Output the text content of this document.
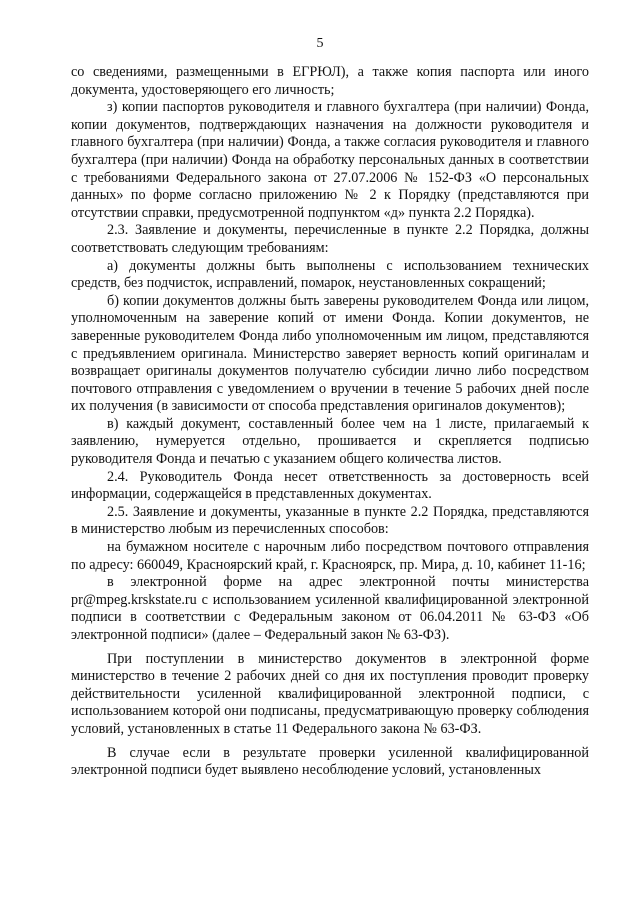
5

со сведениями, размещенными в ЕГРЮЛ), а также копия паспорта или иного документа, удостоверяющего его личность;

з) копии паспортов руководителя и главного бухгалтера (при наличии) Фонда, копии документов, подтверждающих назначения на должности руководителя и главного бухгалтера (при наличии) Фонда, а также согласия руководителя и главного бухгалтера (при наличии) Фонда на обработку персональных данных в соответствии с требованиями Федерального закона от 27.07.2006 № 152-ФЗ «О персональных данных» по форме согласно приложению № 2 к Порядку (представляются при отсутствии справки, предусмотренной подпунктом «д» пункта 2.2 Порядка).

2.3. Заявление и документы, перечисленные в пункте 2.2 Порядка, должны соответствовать следующим требованиям:

а) документы должны быть выполнены с использованием технических средств, без подчисток, исправлений, помарок, неустановленных сокращений;

б) копии документов должны быть заверены руководителем Фонда или лицом, уполномоченным на заверение копий от имени Фонда. Копии документов, не заверенные руководителем Фонда либо уполномоченным им лицом, представляются с предъявлением оригинала. Министерство заверяет верность копий оригиналам и возвращает оригиналы документов получателю субсидии лично либо посредством почтового отправления с уведомлением о вручении в течение 5 рабочих дней после их получения (в зависимости от способа представления оригиналов документов);

в) каждый документ, составленный более чем на 1 листе, прилагаемый к заявлению, нумеруется отдельно, прошивается и скрепляется подписью руководителя Фонда и печатью с указанием общего количества листов.

2.4. Руководитель Фонда несет ответственность за достоверность всей информации, содержащейся в представленных документах.

2.5. Заявление и документы, указанные в пункте 2.2 Порядка, представляются в министерство любым из перечисленных способов:

на бумажном носителе с нарочным либо посредством почтового отправления по адресу: 660049, Красноярский край, г. Красноярск, пр. Мира, д. 10, кабинет 11-16;

в электронной форме на адрес электронной почты министерства pr@mpeg.krskstate.ru с использованием усиленной квалифицированной электронной подписи в соответствии с Федеральным законом от 06.04.2011 № 63-ФЗ «Об электронной подписи» (далее – Федеральный закон № 63-ФЗ).

При поступлении в министерство документов в электронной форме министерство в течение 2 рабочих дней со дня их поступления проводит проверку действительности усиленной квалифицированной электронной подписи, с использованием которой они подписаны, предусматривающую проверку соблюдения условий, установленных в статье 11 Федерального закона № 63-ФЗ.

В случае если в результате проверки усиленной квалифицированной электронной подписи будет выявлено несоблюдение условий, установленных
